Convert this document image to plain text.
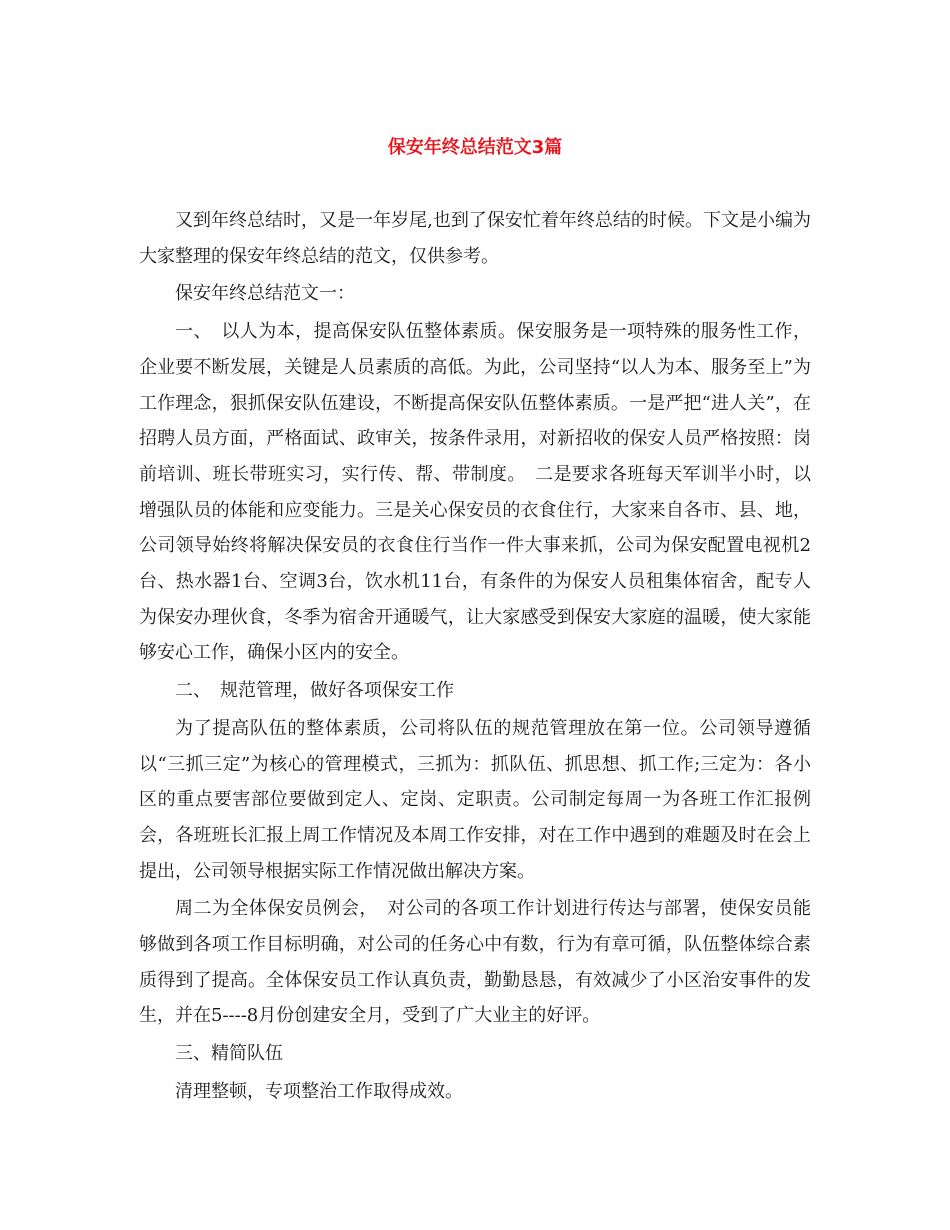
保安年终总结范文3篇

又到年终总结时，又是一年岁尾,也到了保安忙着年终总结的时候。下文是小编为大家整理的保安年终总结的范文，仅供参考。

保安年终总结范文一：

一、　以人为本，提高保安队伍整体素质。保安服务是一项特殊的服务性工作，企业要不断发展，关键是人员素质的高低。为此，公司坚持“以人为本、服务至上”为工作理念，狠抓保安队伍建设，不断提高保安队伍整体素质。一是严把“进人关”，在招聘人员方面，严格面试、政审关，按条件录用，对新招收的保安人员严格按照：岗前培训、班长带班实习，实行传、帮、带制度。　二是要求各班每天军训半小时，以增强队员的体能和应变能力。三是关心保安员的衣食住行，大家来自各市、县、地，公司领导始终将解决保安员的衣食住行当作一件大事来抓，公司为保安配置电视机2台、热水器1台、空调3台，饮水机11台，有条件的为保安人员租集体宿舍，配专人为保安办理伙食，冬季为宿舍开通暖气，让大家感受到保安大家庭的温暖，使大家能够安心工作，确保小区内的安全。

二、　规范管理，做好各项保安工作

为了提高队伍的整体素质，公司将队伍的规范管理放在第一位。公司领导遵循以“三抓三定”为核心的管理模式，三抓为：抓队伍、抓思想、抓工作;三定为：各小区的重点要害部位要做到定人、定岗、定职责。公司制定每周一为各班工作汇报例会，各班班长汇报上周工作情况及本周工作安排，对在工作中遇到的难题及时在会上提出，公司领导根据实际工作情况做出解决方案。

周二为全体保安员例会，　对公司的各项工作计划进行传达与部署，使保安员能够做到各项工作目标明确，对公司的任务心中有数，行为有章可循，队伍整体综合素质得到了提高。全体保安员工作认真负责，勤勤恳恳，有效减少了小区治安事件的发生，并在5----8月份创建安全月，受到了广大业主的好评。

三、精简队伍

清理整顿，专项整治工作取得成效。
